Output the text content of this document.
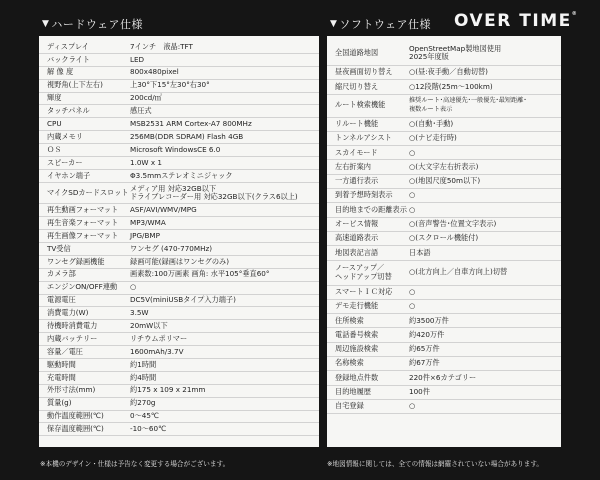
▼ ハードウェア仕様	▼ ソフトウェア仕様 OVER TIME®
ディスプレイ	7インチ　液晶:TFT
バックライト	LED
解 像 度	800x480pixel
視野角(上下左右)	上30°下15°左30°右30°
輝度	200cd/㎡
タッチパネル	感圧式
CPU	MSB2531 ARM Cortex-A7 800MHz
内蔵メモリ	256MB(DDR SDRAM) Flash 4GB
ＯＳ	Microsoft WindowsCE 6.0
スピーカー	1.0W x 1
イヤホン端子	Φ3.5mmステレオミニジャック
マイクSDカードスロット メディア用 対応32GB以下
ドライブレコーダー用 対応32GB以下(クラス6以上)
再生動画フォーマット	ASF/AVI/WMV/MPG
再生音楽フォーマット	MP3/WMA
再生画像フォーマット	JPG/BMP
TV受信	ワンセグ (470-770MHz)
ワンセグ録画機能	録画可能(録画はワンセグのみ)
カメラ部	画素数:100万画素 画角: 水平105°垂直60°
エンジンON/OFF連動	○
電源電圧	DC5V(miniUSBタイプ入力端子)
消費電力(W)	3.5W
待機時消費電力	20mW以下
内蔵バッテリー	リチウムポリマー
容量／電圧	1600mAh/3.7V
駆動時間	約1時間
充電時間	約4時間
外形寸法(mm)	約175 x 109 x 21mm
質量(g)	約270g
動作温度範囲(℃)	0～45℃
保存温度範囲(℃)	-10～60℃
全国道路地図	OpenStreetMap製地図使用
2025年度版
昼夜画面切り替え	○(昼:夜手動／自動切替)
縮尺切り替え	○12段階(25m～100km)
ルート検索機能	推奨ルート･高速優先･一般優先･最短距離･
複数ルート表示
リルート機能	○(自動･手動)
トンネルアシスト	○(ナビ走行時)
スカイモード	○
左右折案内	○(大文字左右折表示)
一方通行表示	○(地図尺度50m以下)
到着予想時刻表示	○
目的地までの距離表示 ○
オービス情報	○(音声警告･位置文字表示)
高速道路表示	○(スクロール機能付)
地図表記言語	日本語
ノースアップ／
ヘッドアップ切替	○(北方向上／自車方向上)切替
スマートＩＣ対応	○
デモ走行機能	○
住所検索	約3500万件
電話番号検索	約420万件
周辺施設検索	約65万件
名称検索	約67万件
登録地点件数	220件×6カテゴリー
目的地履歴	100件
自宅登録	○
※本機のデザイン・仕様は予告なく変更する場合がございます。	※地図情報に関しては、全ての情報は網羅されていない場合があります。
